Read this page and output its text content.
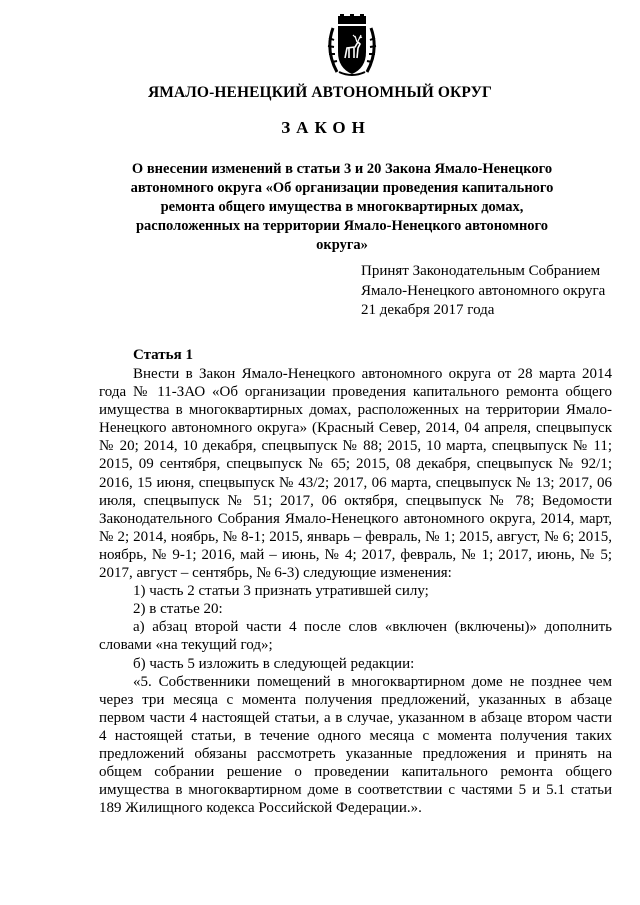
ЯМАЛО-НЕНЕЦКИЙ АВТОНОМНЫЙ ОКРУГ
ЗАКОН
О внесении изменений в статьи 3 и 20 Закона Ямало-Ненецкого автономного округа «Об организации проведения капитального ремонта общего имущества в многоквартирных домах, расположенных на территории Ямало-Ненецкого автономного округа»
Принят Законодательным Собранием
Ямало-Ненецкого автономного округа
21 декабря 2017 года
Статья 1

Внести в Закон Ямало-Ненецкого автономного округа от 28 марта 2014 года № 11-ЗАО «Об организации проведения капитального ремонта общего имущества в многоквартирных домах, расположенных на территории Ямало-Ненецкого автономного округа» (Красный Север, 2014, 04 апреля, спецвыпуск № 20; 2014, 10 декабря, спецвыпуск № 88; 2015, 10 марта, спецвыпуск № 11; 2015, 09 сентября, спецвыпуск № 65; 2015, 08 декабря, спецвыпуск № 92/1; 2016, 15 июня, спецвыпуск № 43/2; 2017, 06 марта, спецвыпуск № 13; 2017, 06 июля, спецвыпуск № 51; 2017, 06 октября, спецвыпуск № 78; Ведомости Законодательного Собрания Ямало-Ненецкого автономного округа, 2014, март, № 2; 2014, ноябрь, № 8-1; 2015, январь – февраль, № 1; 2015, август, № 6; 2015, ноябрь, № 9-1; 2016, май – июнь, № 4; 2017, февраль, № 1; 2017, июнь, № 5; 2017, август – сентябрь, № 6-3) следующие изменения:

1) часть 2 статьи 3 признать утратившей силу;

2) в статье 20:

а) абзац второй части 4 после слов «включен (включены)» дополнить словами «на текущий год»;

б) часть 5 изложить в следующей редакции:

«5. Собственники помещений в многоквартирном доме не позднее чем через три месяца с момента получения предложений, указанных в абзаце первом части 4 настоящей статьи, а в случае, указанном в абзаце втором части 4 настоящей статьи, в течение одного месяца с момента получения таких предложений обязаны рассмотреть указанные предложения и принять на общем собрании решение о проведении капитального ремонта общего имущества в многоквартирном доме в соответствии с частями 5 и 5.1 статьи 189 Жилищного кодекса Российской Федерации.».
